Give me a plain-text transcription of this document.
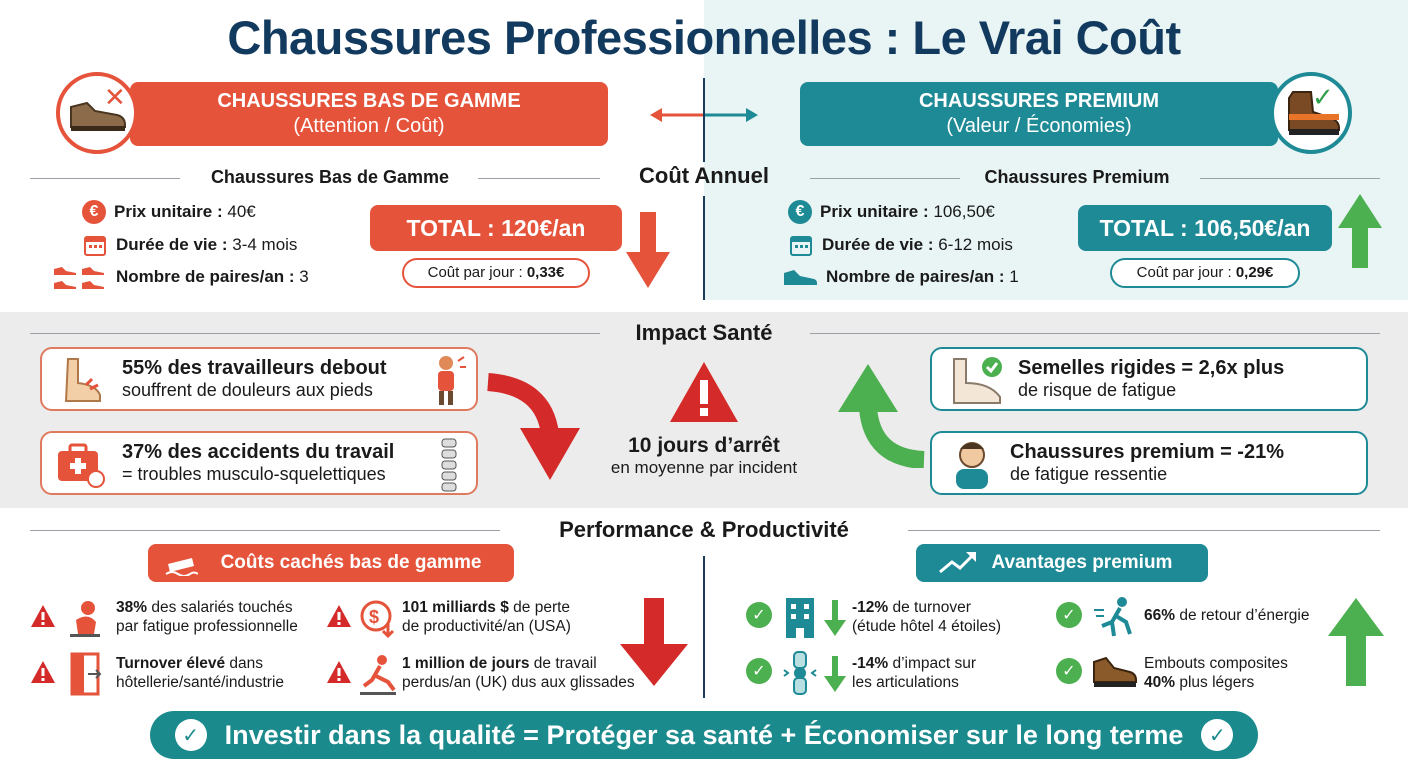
Chaussures Professionnelles : Le Vrai Coût
CHAUSSURES BAS DE GAMME
(Attention / Coût)
✕	CHAUSSURES PREMIUM
(Valeur / Économies)
✓
Chaussures Bas de Gamme	Coût Annuel	Chaussures Premium
€ Prix unitaire : 40€
Durée de vie : 3-4 mois
Nombre de paires/an : 3
TOTAL : 120€/an
Coût par jour : 0,33€
€ Prix unitaire : 106,50€
Durée de vie : 6-12 mois
Nombre de paires/an : 1
TOTAL : 106,50€/an
Coût par jour : 0,29€
Impact Santé
55% des travailleurs debout
souffrent de douleurs aux pieds
37% des accidents du travail
= troubles musculo-squelettiques
10 jours d’arrêt
en moyenne par incident
Semelles rigides = 2,6x plus
de risque de fatigue
Chaussures premium = -21%
de fatigue ressentie
Performance & Productivité
Coûts cachés bas de gamme	Avantages premium
38% des salariés touchés
par fatigue professionnelle	$ 101 milliards $ de perte
de productivité/an (USA)
Turnover élevé dans
hôtellerie/santé/industrie
1 million de jours de travail
perdus/an (UK) dus aux glissades
✓	-12% de turnover
(étude hôtel 4 étoiles)
✓	66% de retour d’énergie
✓	-14% d’impact sur
les articulations
✓	Embouts composites
40% plus légers
✓ Investir dans la qualité = Protéger sa santé + Économiser sur le long terme	✓
